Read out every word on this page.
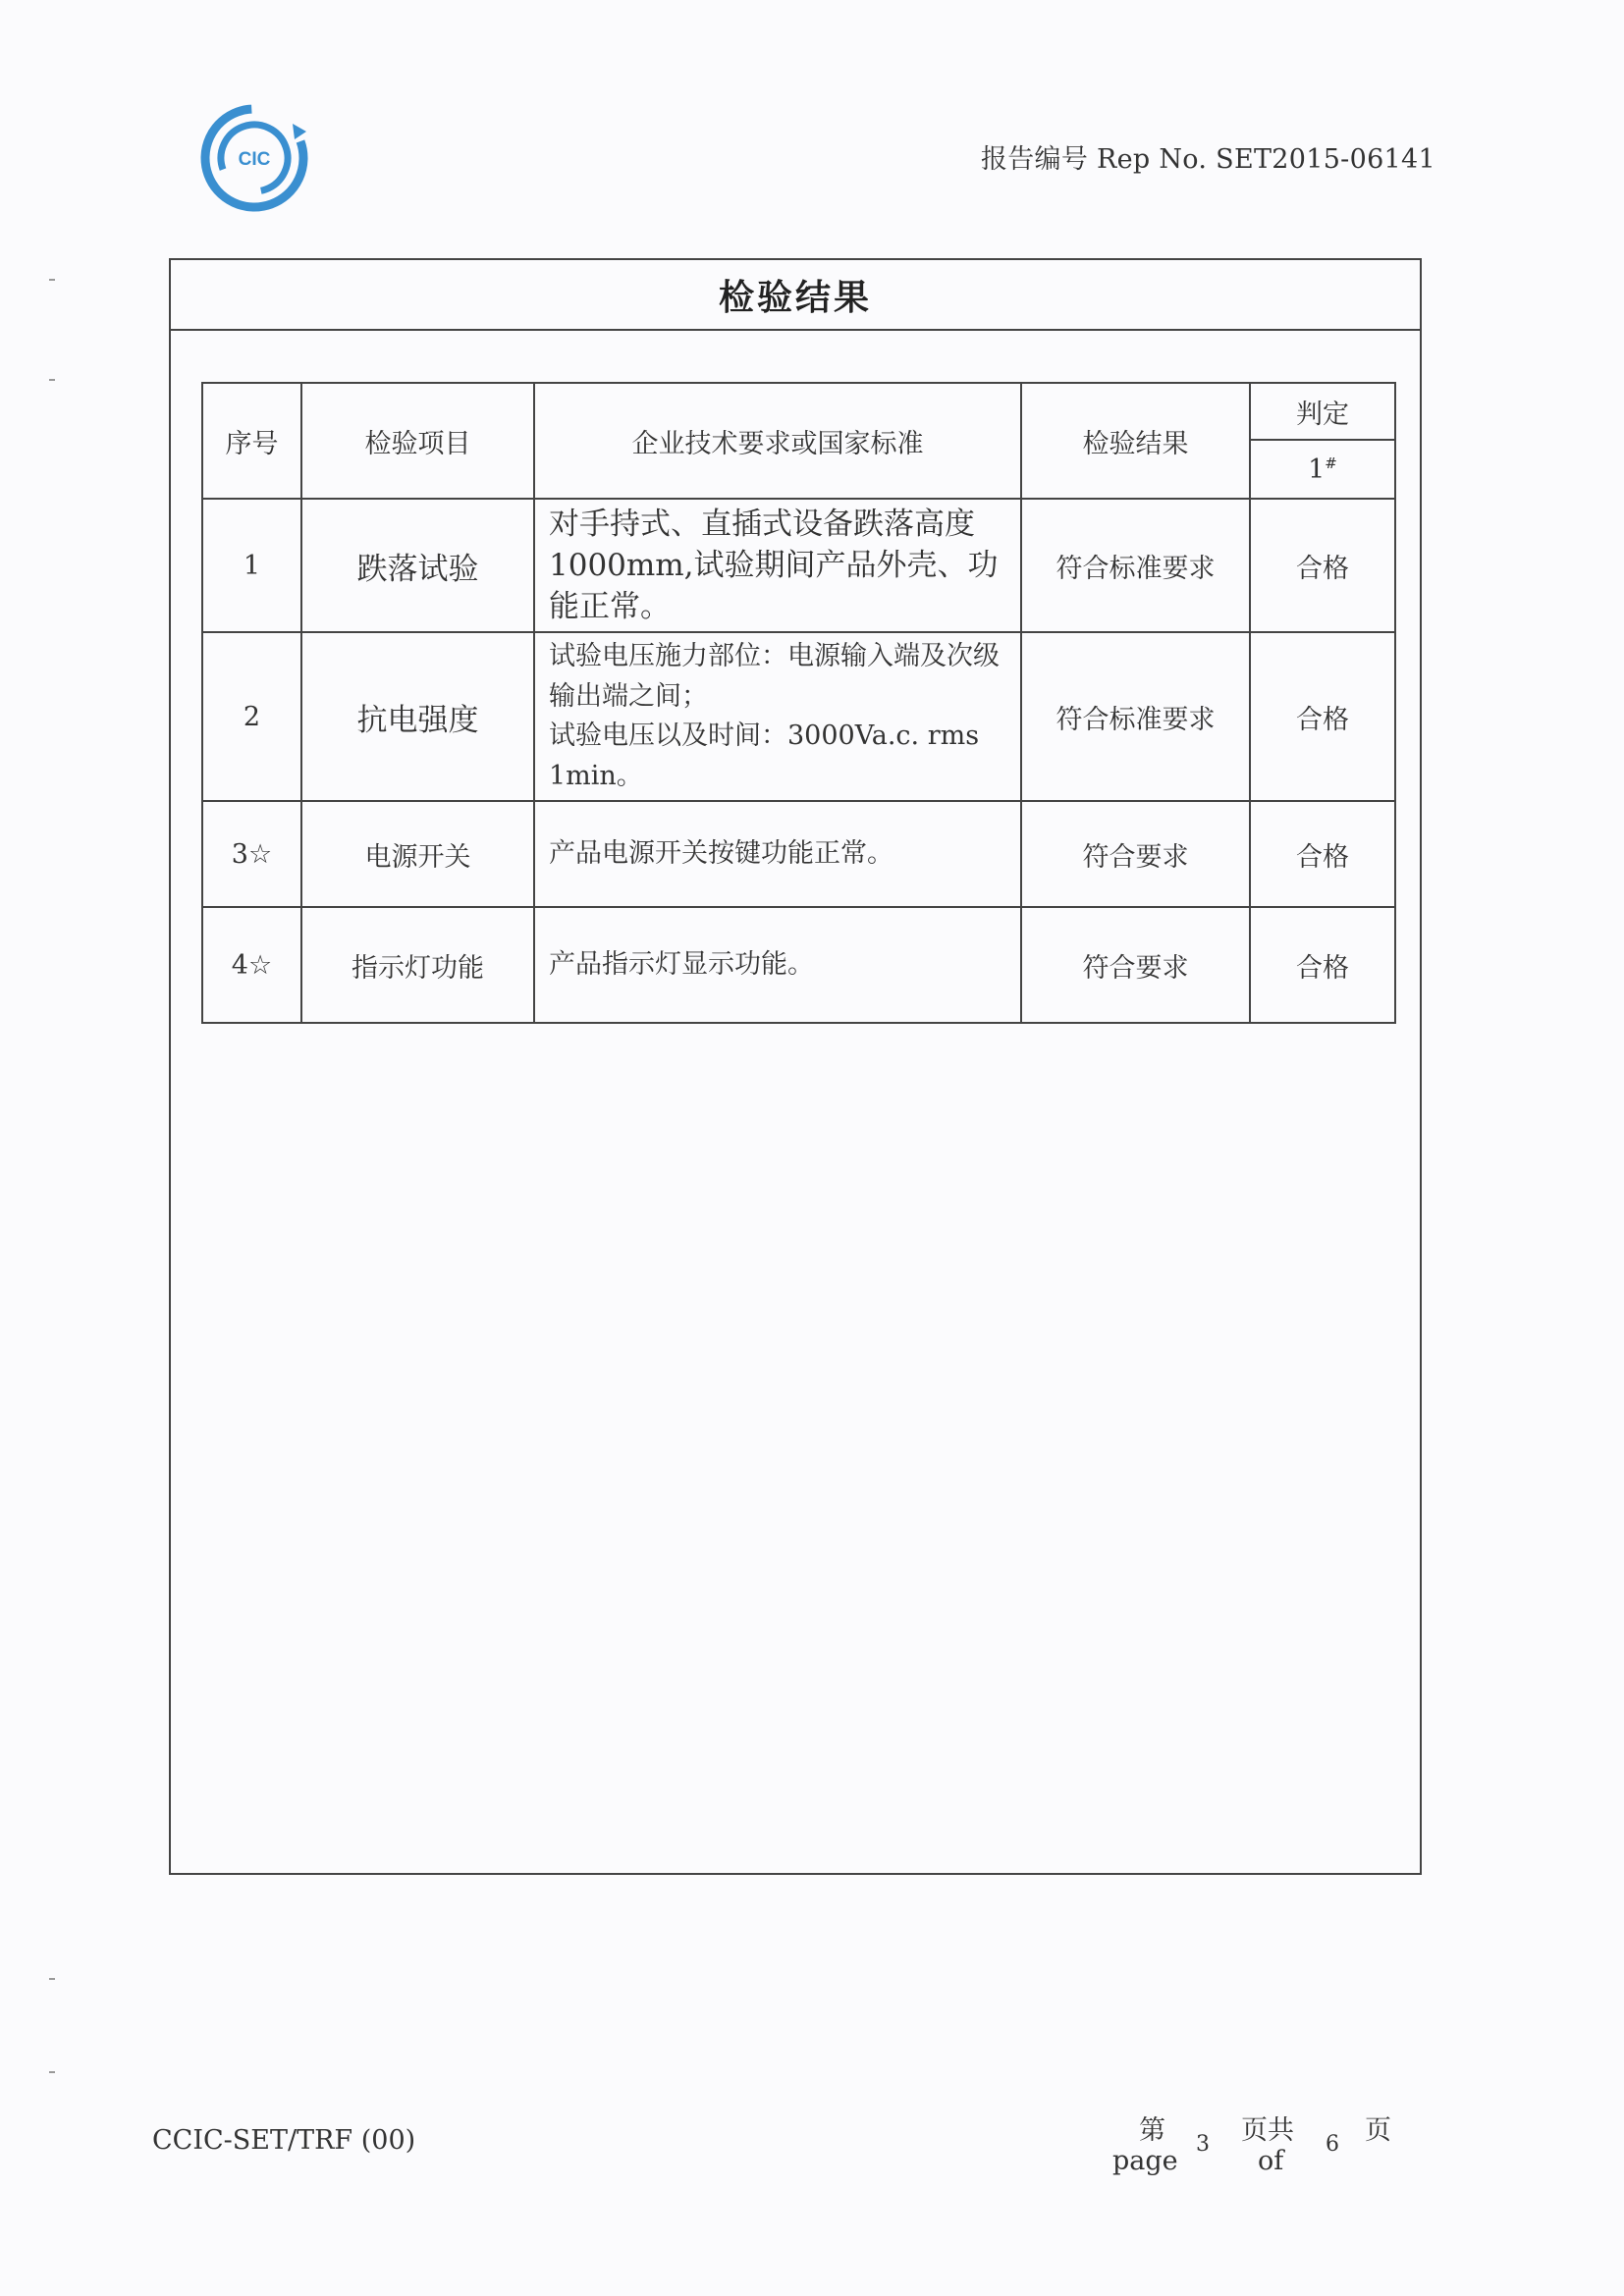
CIC	报告编号 Rep No. SET2015-06141
检验结果
序号	检验项目	企业技术要求或国家标准	检验结果	判定
				1#
1	跌落试验	对手持式、直插式设备跌落高度1000mm,试验期间产品外壳、功能正常。	符合标准要求	合格
2	抗电强度	试验电压施力部位：电源输入端及次级输出端之间；
试验电压以及时间：3000Va.c. rms 1min。	符合标准要求	合格
3☆	电源开关	产品电源开关按键功能正常。	符合要求	合格
4☆	指示灯功能	产品指示灯显示功能。	符合要求	合格
CCIC-SET/TRF (00)	第
page
3 页共
of
6 页
